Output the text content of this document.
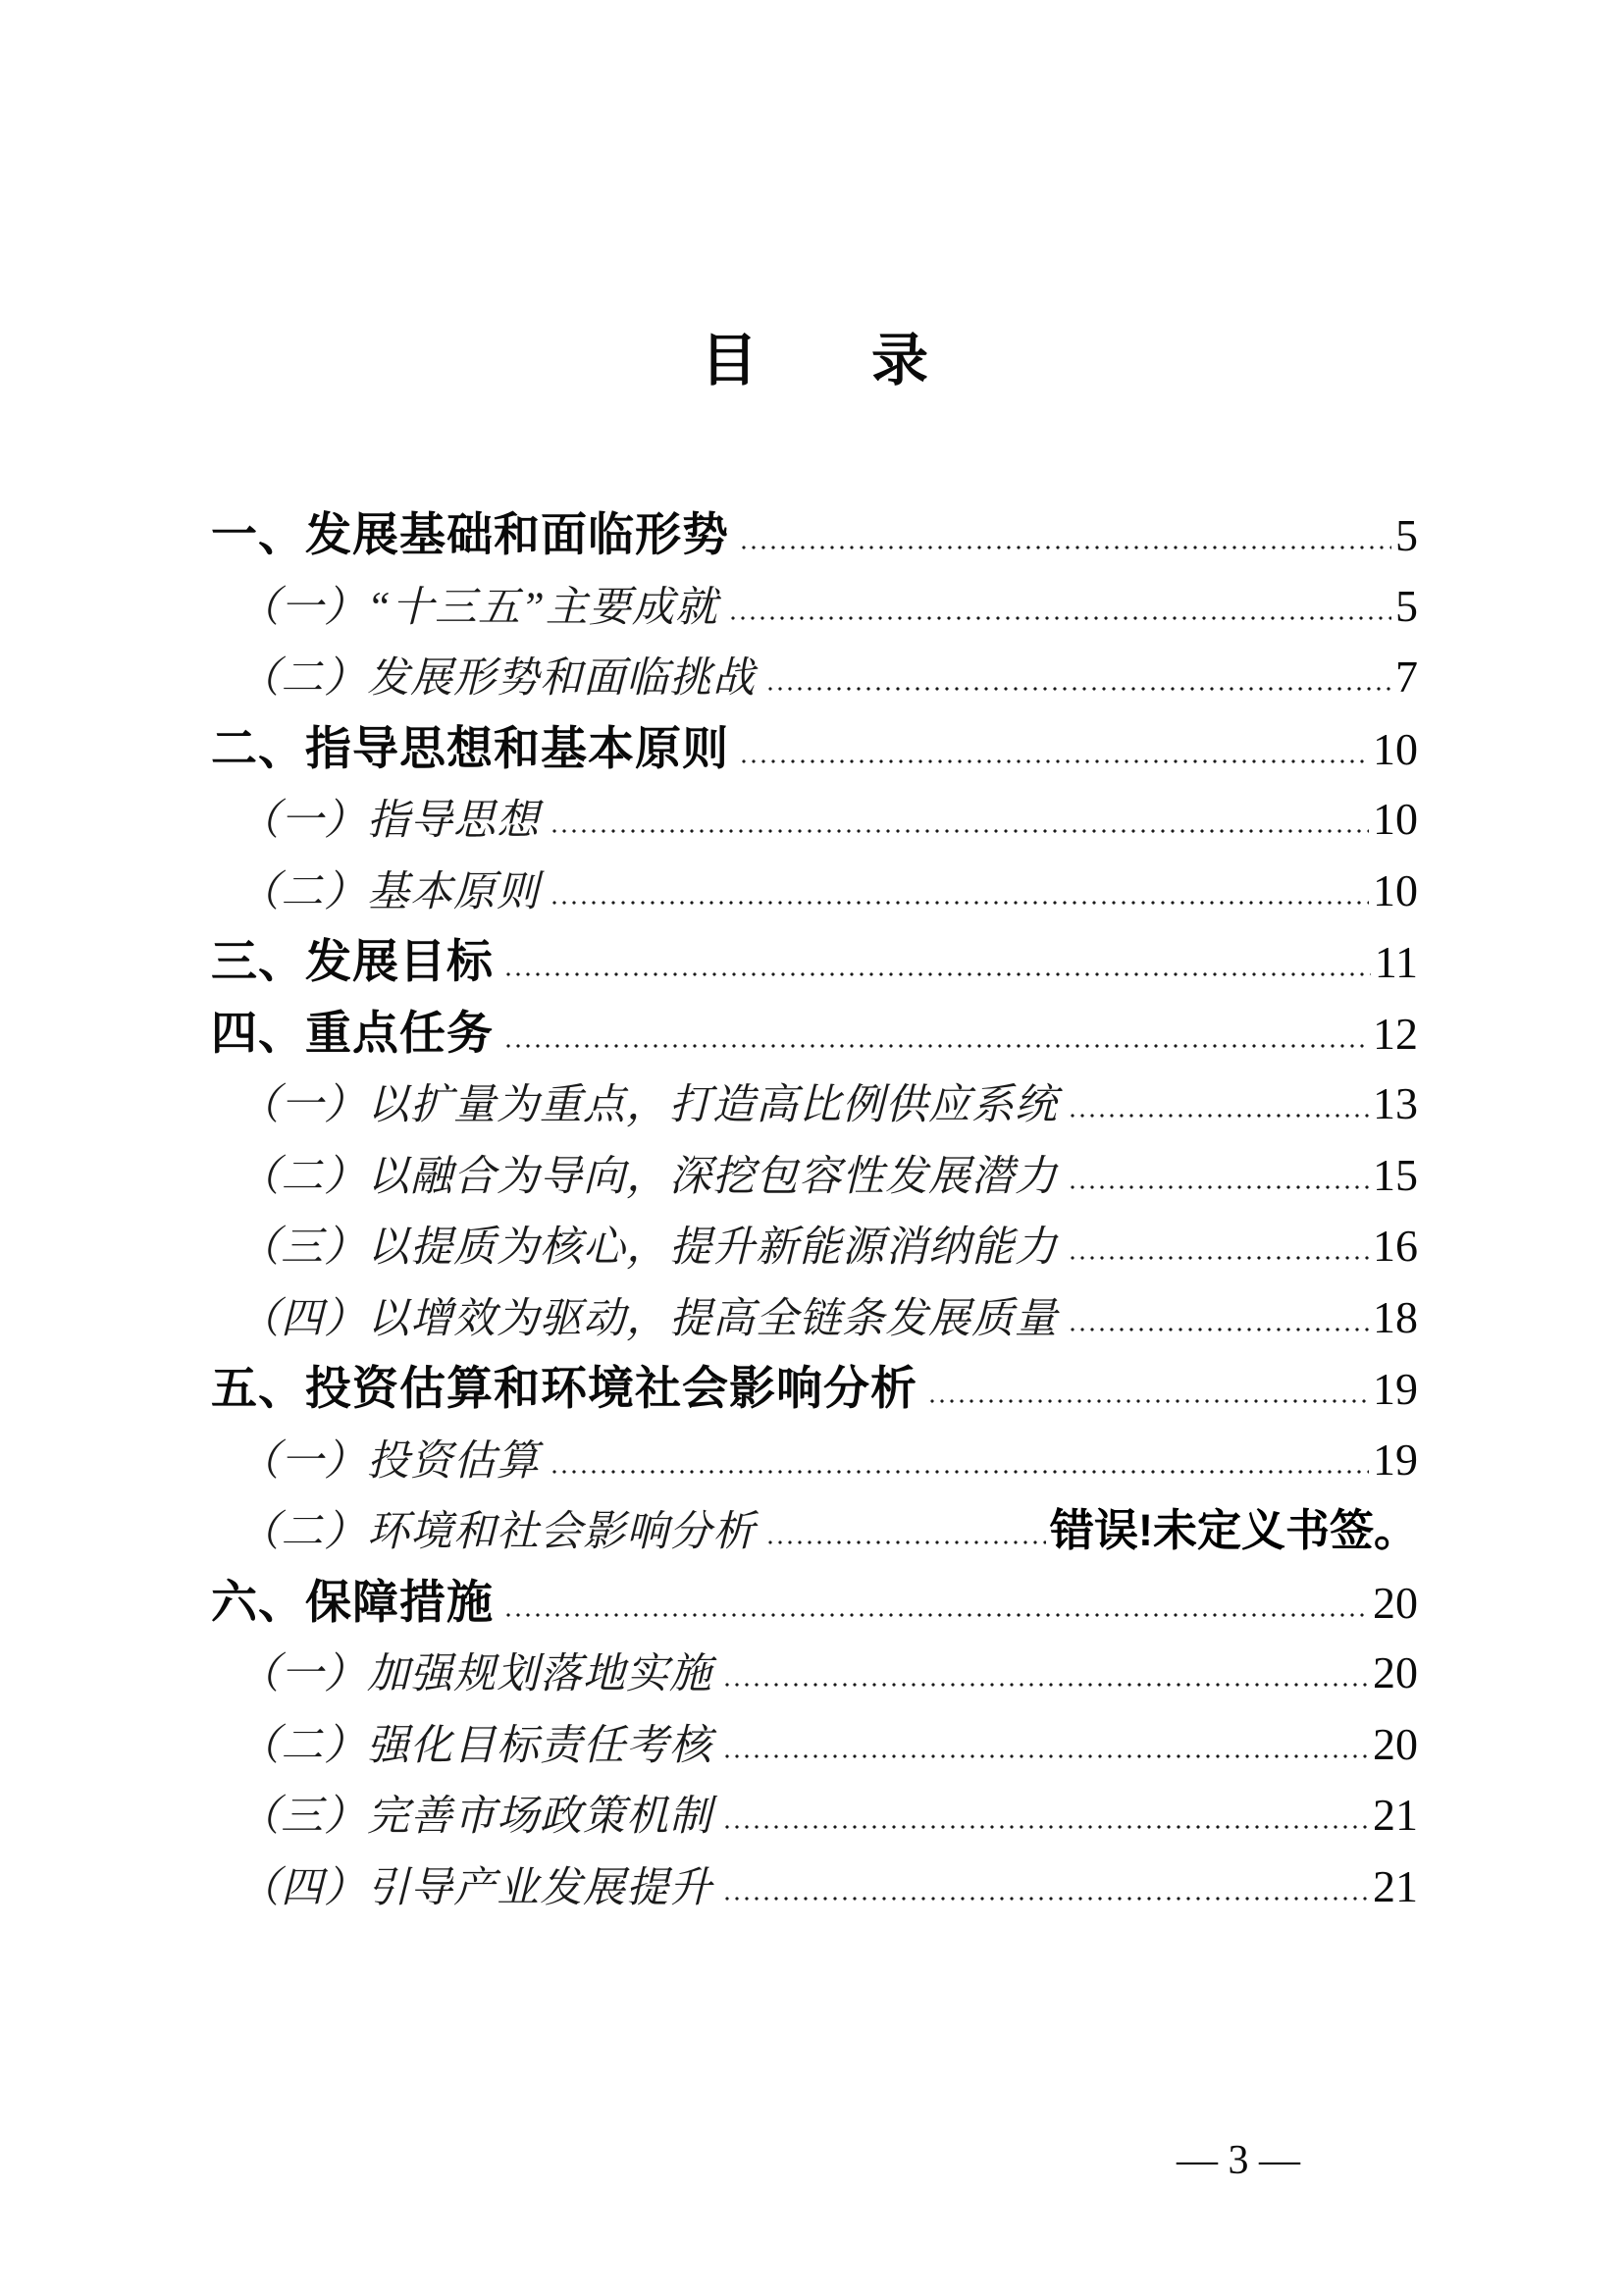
目　　录
一、发展基础和面临形势	5
（一）“十三五”主要成就	5
（二）发展形势和面临挑战	7
二、指导思想和基本原则	10
（一）指导思想	10
（二）基本原则	10
三、发展目标	11
四、重点任务	12
（一）以扩量为重点，打造高比例供应系统	13
（二）以融合为导向，深挖包容性发展潜力	15
（三）以提质为核心，提升新能源消纳能力	16
（四）以增效为驱动，提高全链条发展质量	18
五、投资估算和环境社会影响分析	19
（一）投资估算	19
（二）环境和社会影响分析	错误!未定义书签。
六、保障措施	20
（一）加强规划落地实施	20
（二）强化目标责任考核	20
（三）完善市场政策机制	21
（四）引导产业发展提升	21

— 3 —
